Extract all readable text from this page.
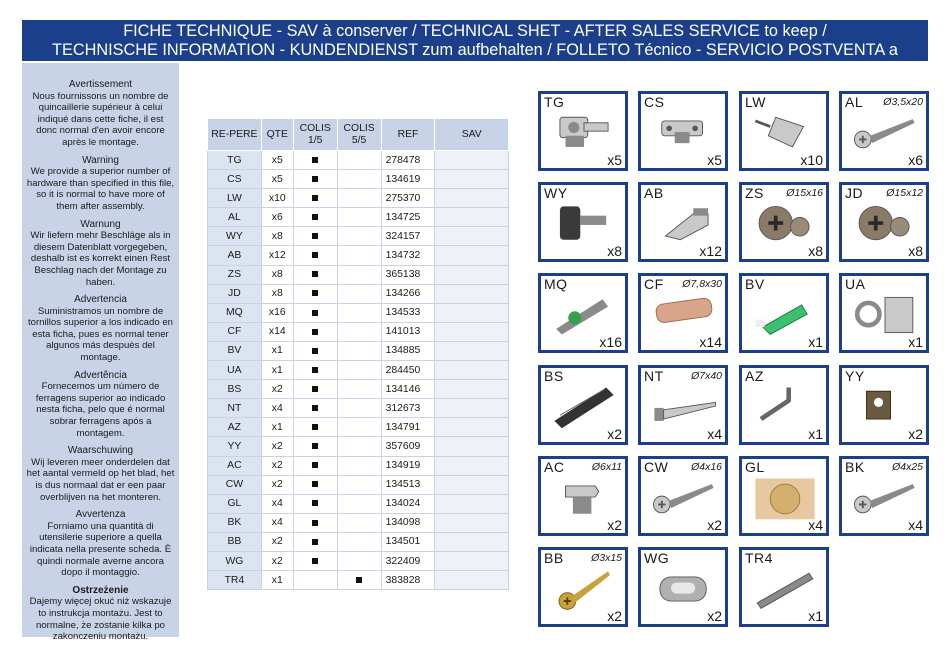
FICHE TECHNIQUE - SAV à conserver / TECHNICAL SHET - AFTER SALES SERVICE to keep /
TECHNISCHE INFORMATION - KUNDENDIENST zum aufbehalten / FOLLETO Técnico - SERVICIO POSTVENTA a conservar
Avertissement
Nous fournissons un nombre de quincaillerie supérieur à celui indiqué dans cette fiche, il est donc normal d'en avoir encore après le montage.
Warning
We provide a superior number of hardware than specified in this file, so it is normal to have more of them after assembly.
Warnung
Wir liefern mehr Beschläge als in diesem Datenblatt vorgegeben, deshalb ist es korrekt einen Rest Beschlag nach der Montage zu haben.
Advertencia
Suministramos un nombre de tornillos superior a los indicado en esta ficha, pues es normal tener algunos más despuès del montage.
Advertência
Fornecemos um número de ferragens superior ao indicado nesta ficha, pelo que é normal sobrar ferragens após a montagem.
Waarschuwing
Wij leveren meer onderdelen dat het aantal vermeld op het blad, het is dus normaal dat er een paar overblijven na het monteren.
Avvertenza
Forniamo una quantità di utensilerie superiore a quella indicata nella presente scheda. È quindi normale averne ancora dopo il montaggio.
Ostrzeżenie
Dajemy więcej okuć niż wskazuje to instrukcja montażu. Jest to normalne, że zostanie kilka po zakonczeniu montażu.
RE-PERE	QTE	COLIS 1/5	COLIS 5/5	REF	SAV
TG	x5			278478	
CS	x5			134619	
LW	x10			275370	
AL	x6			134725	
WY	x8			324157	
AB	x12			134732	
ZS	x8			365138	
JD	x8			134266	
MQ	x16			134533	
CF	x14			141013	
BV	x1			134885	
UA	x1			284450	
BS	x2			134146	
NT	x4			312673	
AZ	x1			134791	
YY	x2			357609	
AC	x2			134919	
CW	x2			134513	
GL	x4			134024	
BK	x4			134098	
BB	x2			134501	
WG	x2			322409	
TR4	x1			383828	
TG
x5
CS
x5
LW
x10
AL Ø3,5x20
x6
WY
x8
AB
x12
ZS Ø15x16
x8
JD Ø15x12
x8
MQ
x16
CF Ø7,8x30
x14
BV
x1
UA
x1
BS
x2
NT	Ø7x40
x4
AZ
x1
YY
x2
AC	Ø6x11
x2
CW Ø4x16
x2
GL
x4
BK	Ø4x25
x4
BB	Ø3x15
x2
WG
x2
TR4
x1
